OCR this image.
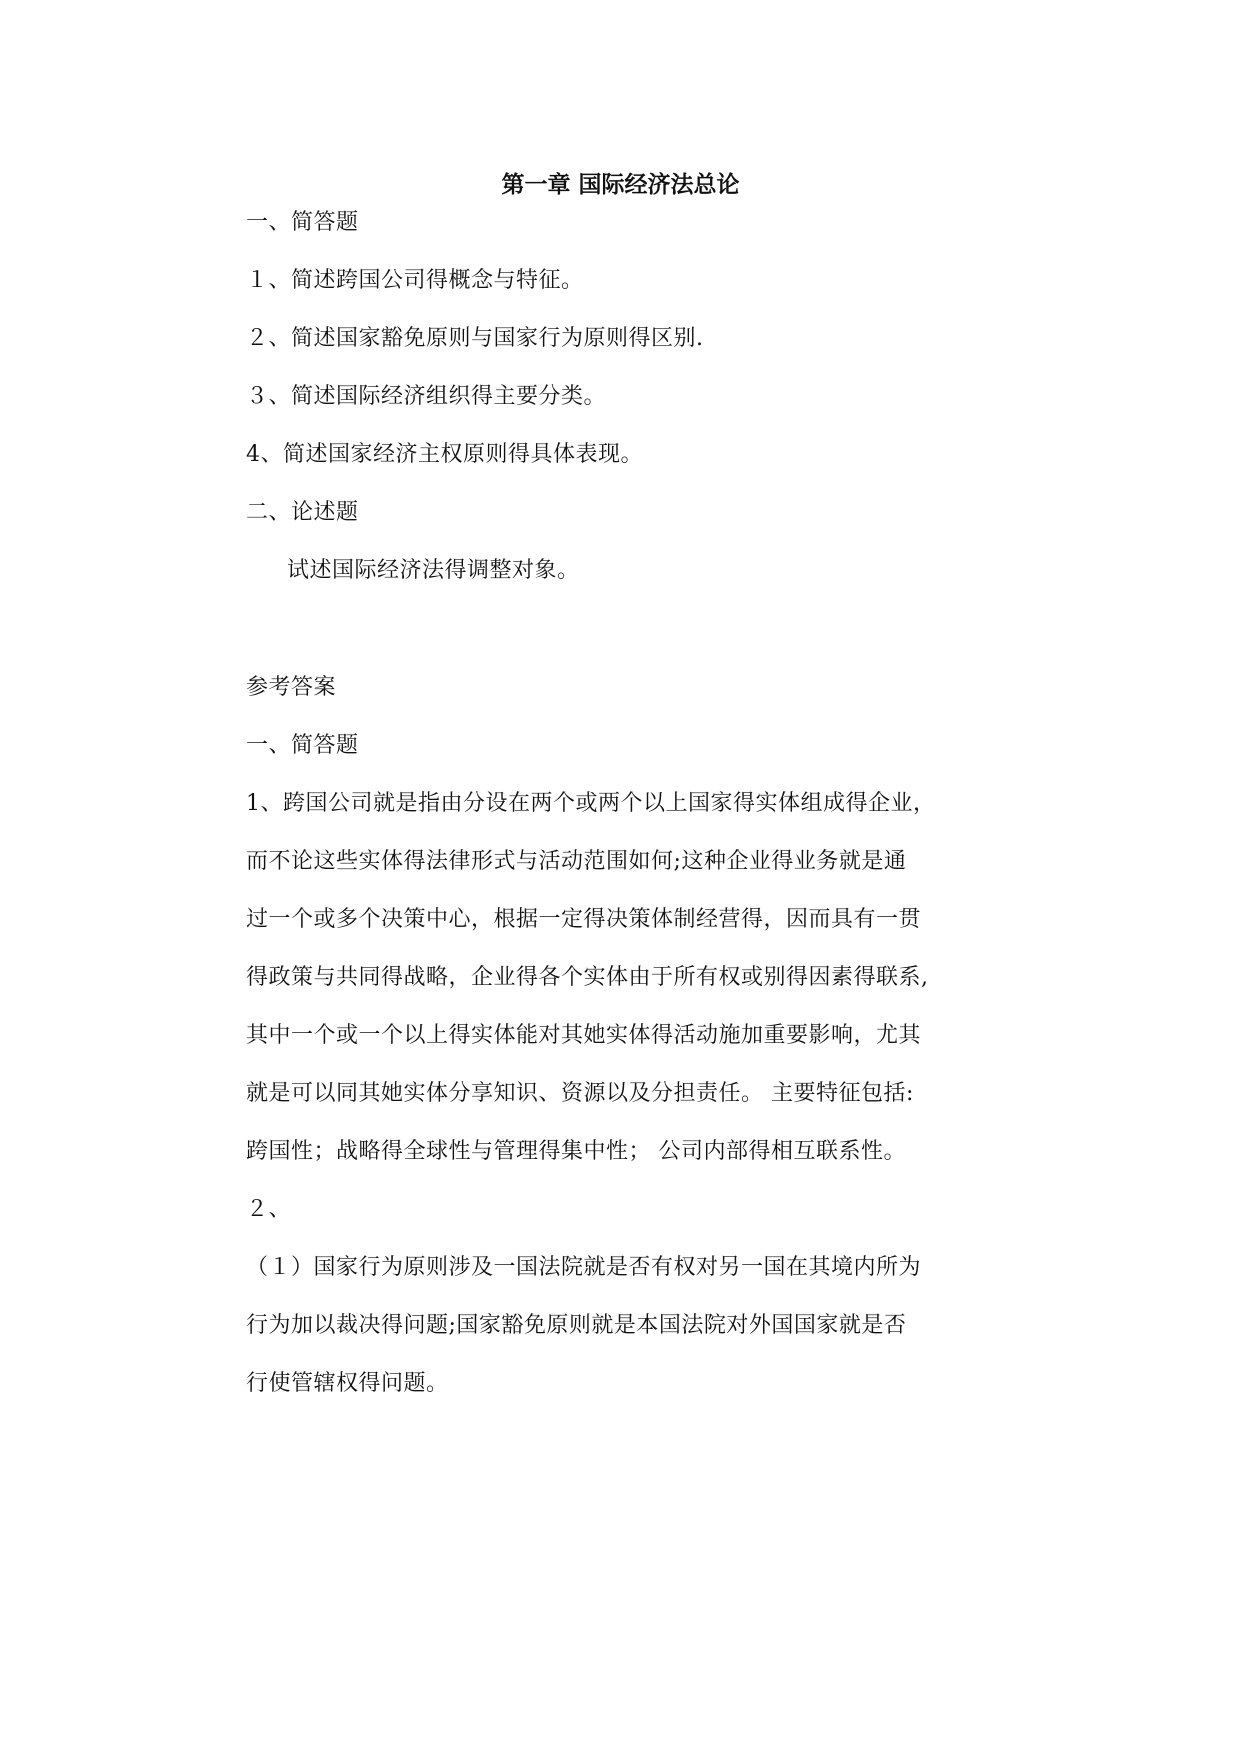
第一章 国际经济法总论
一、简答题
１、简述跨国公司得概念与特征。
２、简述国家豁免原则与国家行为原则得区别.
３、简述国际经济组织得主要分类。
4、简述国家经济主权原则得具体表现。
二、论述题
试述国际经济法得调整对象。
参考答案
一、简答题
1、跨国公司就是指由分设在两个或两个以上国家得实体组成得企业，
而不论这些实体得法律形式与活动范围如何;这种企业得业务就是通
过一个或多个决策中心，根据一定得决策体制经营得，因而具有一贯
得政策与共同得战略，企业得各个实体由于所有权或别得因素得联系,
其中一个或一个以上得实体能对其她实体得活动施加重要影响，尤其
就是可以同其她实体分享知识、资源以及分担责任。 主要特征包括:
跨国性；战略得全球性与管理得集中性； 公司内部得相互联系性。
２、
（１）国家行为原则涉及一国法院就是否有权对另一国在其境内所为
行为加以裁决得问题;国家豁免原则就是本国法院对外国国家就是否
行使管辖权得问题。
